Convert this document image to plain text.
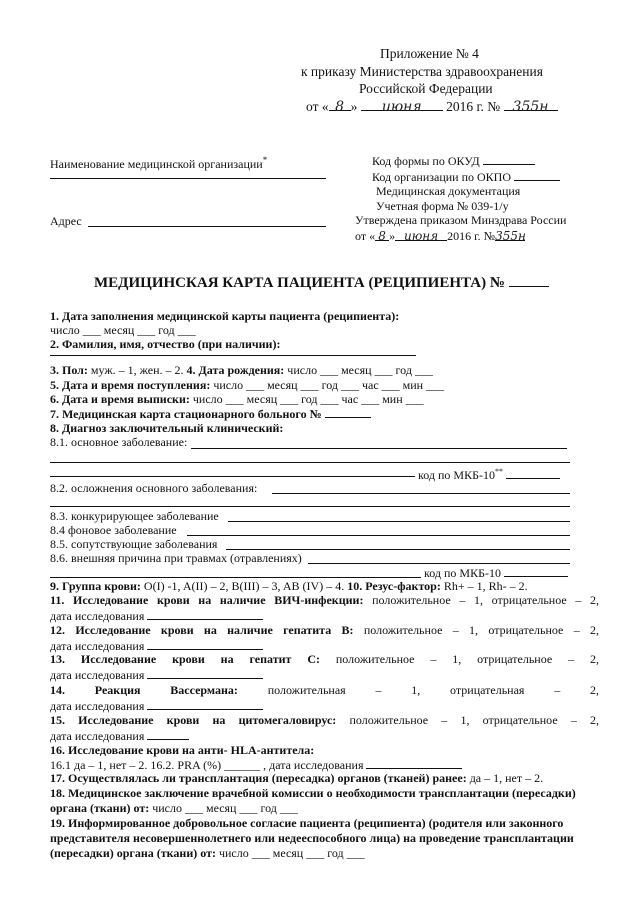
Приложение № 4
к приказу Министерства здравоохранения
Российской Федерации
от « 8 » июня 2016 г. № 355н
Наименование медицинской организации*
Адрес
Код формы по ОКУД
Код организации по ОКПО
Медицинская документация
Учетная форма № 039-1/у
Утверждена приказом Минздрава России
от « 8 » июня 2016 г. №355н
МЕДИЦИНСКАЯ КАРТА ПАЦИЕНТА (РЕЦИПИЕНТА) №
1. Дата заполнения медицинской карты пациента (реципиента):
число ___ месяц ___ год ___
2. Фамилия, имя, отчество (при наличии):
3. Пол: муж. – 1, жен. – 2. 4. Дата рождения: число ___ месяц ___ год ___
5. Дата и время поступления: число ___ месяц ___ год ___ час ___ мин ___
6. Дата и время выписки: число ___ месяц ___ год ___ час ___ мин ___
7. Медицинская карта стационарного больного №
8. Диагноз заключительный клинический:
8.1. основное заболевание:
код по МКБ-10**
8.2. осложнения основного заболевания:
8.3. конкурирующее заболевание
8.4 фоновое заболевание
8.5. сопутствующие заболевания
8.6. внешняя причина при травмах (отравлениях)
код по МКБ-10
9. Группа крови: O(I) -1, A(II) – 2, B(III) – 3, AB (IV) – 4. 10. Резус-фактор: Rh+ – 1, Rh- – 2.
11. Исследование крови на наличие ВИЧ-инфекции: положительное – 1, отрицательное – 2,
дата исследования
12. Исследование крови на наличие гепатита В: положительное – 1, отрицательное – 2,
дата исследования
13. Исследование крови на гепатит С: положительное – 1, отрицательное – 2,
дата исследования
14. Реакция Вассермана: положительная – 1, отрицательная – 2,
дата исследования
15. Исследование крови на цитомегаловирус: положительное – 1, отрицательное – 2,
дата исследования
16. Исследование крови на анти- HLA-антитела:
16.1 да – 1, нет – 2. 16.2. PRA (%) ______ , дата исследования
17. Осуществлялась ли трансплантация (пересадка) органов (тканей) ранее: да – 1, нет – 2.
18. Медицинское заключение врачебной комиссии о необходимости трансплантации (пересадки)
органа (ткани) от: число ___ месяц ___ год ___
19. Информированное добровольное согласие пациента (реципиента) (родителя или законного
представителя несовершеннолетнего или недееспособного лица) на проведение трансплантации
(пересадки) органа (ткани) от: число ___ месяц ___ год ___
